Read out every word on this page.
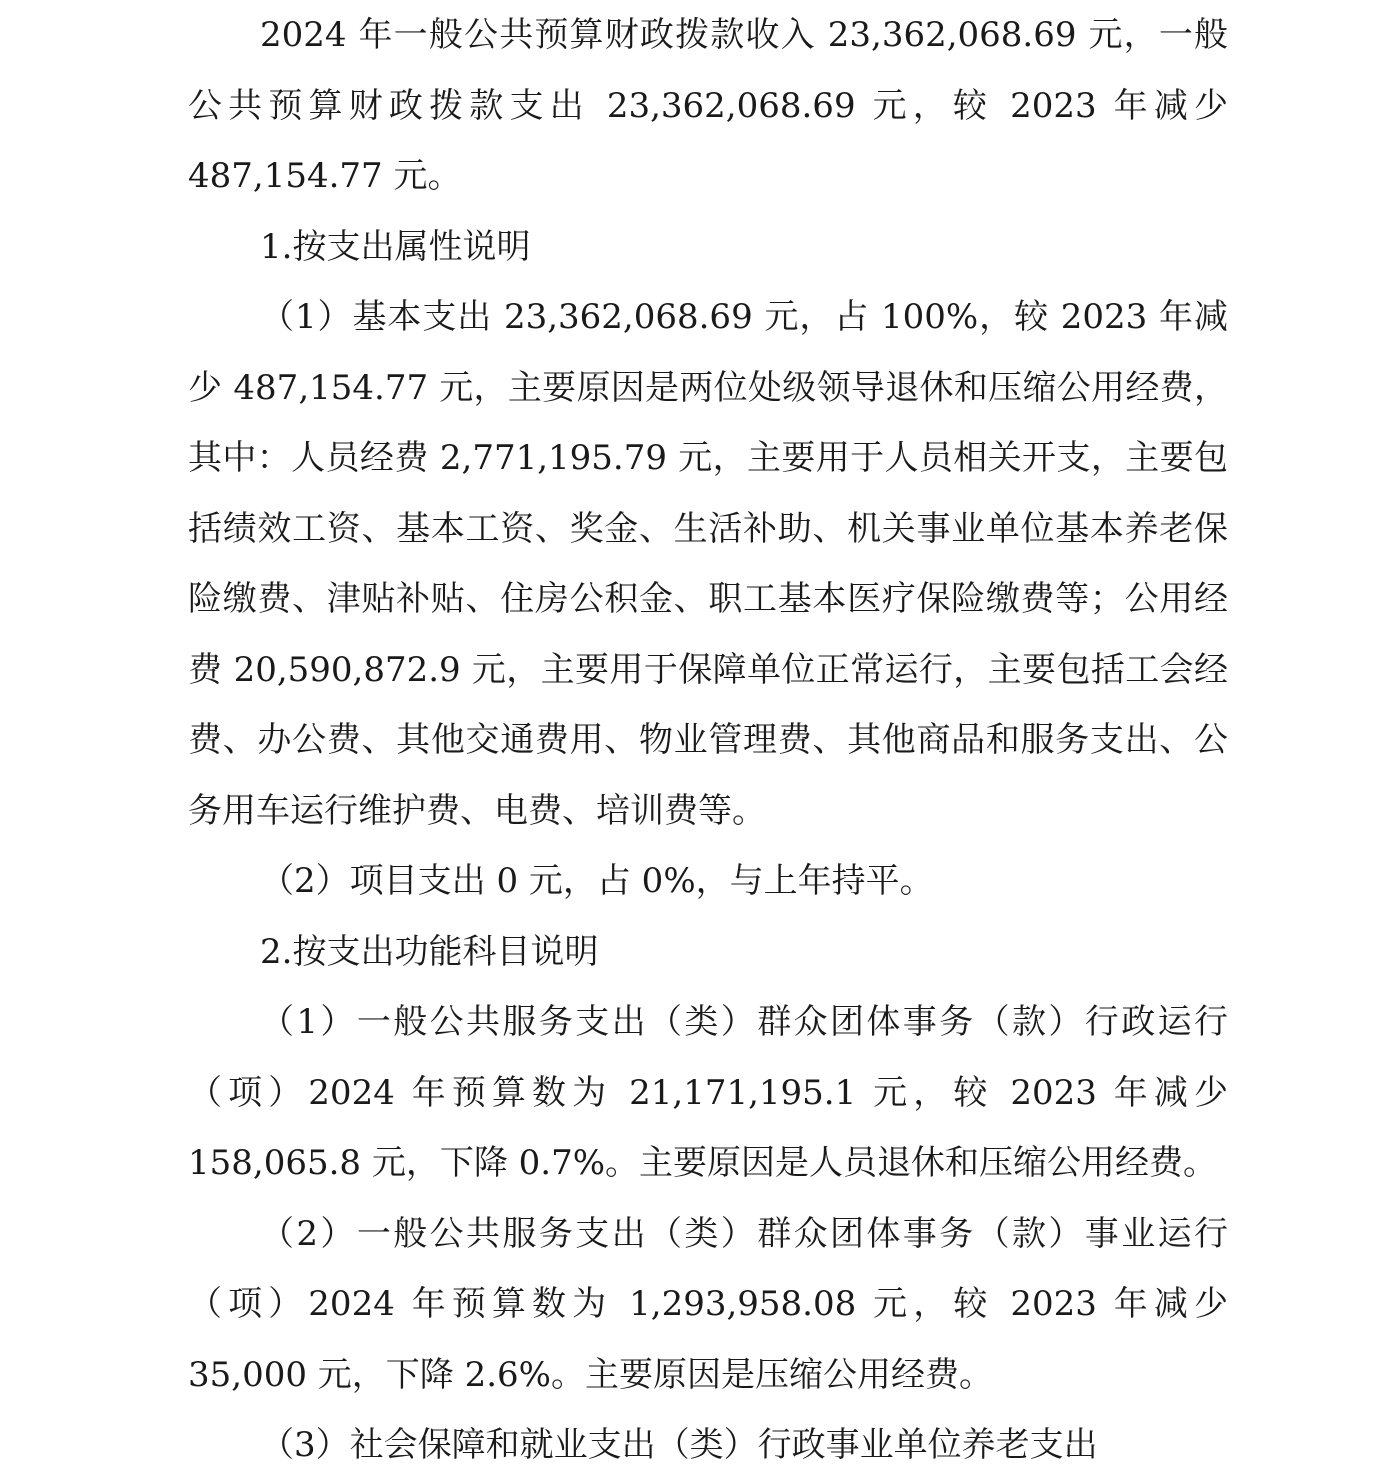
2024 年一般公共预算财政拨款收入 23,362,068.69 元，一般公共预算财政拨款支出 23,362,068.69 元，较 2023 年减少 487,154.77 元。

1.按支出属性说明

（1）基本支出 23,362,068.69 元，占 100%，较 2023 年减少 487,154.77 元，主要原因是两位处级领导退休和压缩公用经费，其中：人员经费 2,771,195.79 元，主要用于人员相关开支，主要包括绩效工资、基本工资、奖金、生活补助、机关事业单位基本养老保险缴费、津贴补贴、住房公积金、职工基本医疗保险缴费等；公用经费 20,590,872.9 元，主要用于保障单位正常运行，主要包括工会经费、办公费、其他交通费用、物业管理费、其他商品和服务支出、公务用车运行维护费、电费、培训费等。

（2）项目支出 0 元，占 0%，与上年持平。

2.按支出功能科目说明

（1）一般公共服务支出（类）群众团体事务（款）行政运行（项）2024 年预算数为 21,171,195.1 元，较 2023 年减少 158,065.8 元，下降 0.7%。主要原因是人员退休和压缩公用经费。

（2）一般公共服务支出（类）群众团体事务（款）事业运行（项）2024 年预算数为 1,293,958.08 元，较 2023 年减少 35,000 元，下降 2.6%。主要原因是压缩公用经费。

（3）社会保障和就业支出（类）行政事业单位养老支出
